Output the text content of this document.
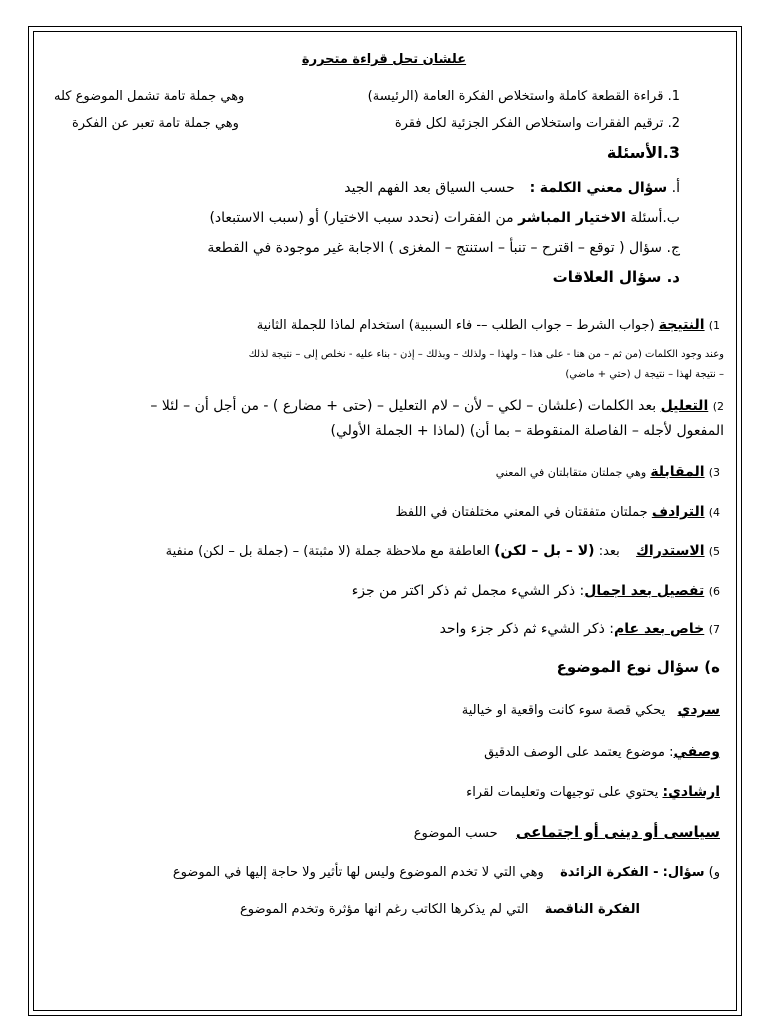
علشان تحل قراءة متحررة
1. قراءة القطعة كاملة واستخلاص الفكرة العامة (الرئيسة)
وهي جملة تامة تشمل الموضوع كله
2. ترقيم الفقرات واستخلاص الفكر الجزئية لكل فقرة
وهي جملة تامة تعبر عن الفكرة
3.الأسئلة
أ. سؤال معني الكلمة :  حسب السياق بعد الفهم الجيد
ب.أسئلة الاختيار المباشر من الفقرات (نحدد سبب الاختيار) أو (سبب الاستبعاد)
ج. سؤال ( توقع – اقترح – تنبأ – استنتج – المغزى ) الاجابة غير موجودة في القطعة
د. سؤال العلاقات
1) النتيجة (جواب الشرط – جواب الطلب –- فاء السببية) استخدام لماذا للجملة الثانية
وعند وجود الكلمات (من ثم – من هنا - على هذا – ولهذا – ولذلك – وبذلك – إذن - بناء عليه - نخلص إلى – نتيجة لذلك
– نتيجة لهذا – نتيجة ل (حتي + ماضي)
2) التعليل بعد الكلمات (علشان – لكي – لأن – لام التعليل – (حتى + مضارع ) - من أجل أن – لئلا –
المفعول لأجله – الفاصلة المنقوطة – بما أن) (لماذا + الجملة الأولي)
3) المقابلة وهي جملتان متقابلتان في المعني
4) الترادف جملتان متفقتان في المعني مختلفتان في اللفظ
5) الاستدراك  بعد: (لا – بل – لكن) العاطفة مع ملاحظة جملة (لا مثبتة) – (جملة بل – لكن) منفية
6) تفصيل بعد اجمال: ذكر الشيء مجمل ثم ذكر اكتر من جزء
7) خاص بعد عام: ذكر الشيء ثم ذكر جزء واحد
ه) سؤال نوع الموضوع
سردي  يحكي قصة سوء كانت واقعية او خيالية
وصفي: موضوع يعتمد على الوصف الدقيق
ارشادي: يحتوي على توجيهات وتعليمات لقراء
سياسى أو دينى أو اجتماعى  حسب الموضوع
و) سؤال: - الفكرة الزائدة  وهي التي لا تخدم الموضوع وليس لها تأثير ولا حاجة إليها في الموضوع
الفكرة الناقصة  التي لم يذكرها الكاتب رغم انها مؤثرة وتخدم الموضوع
